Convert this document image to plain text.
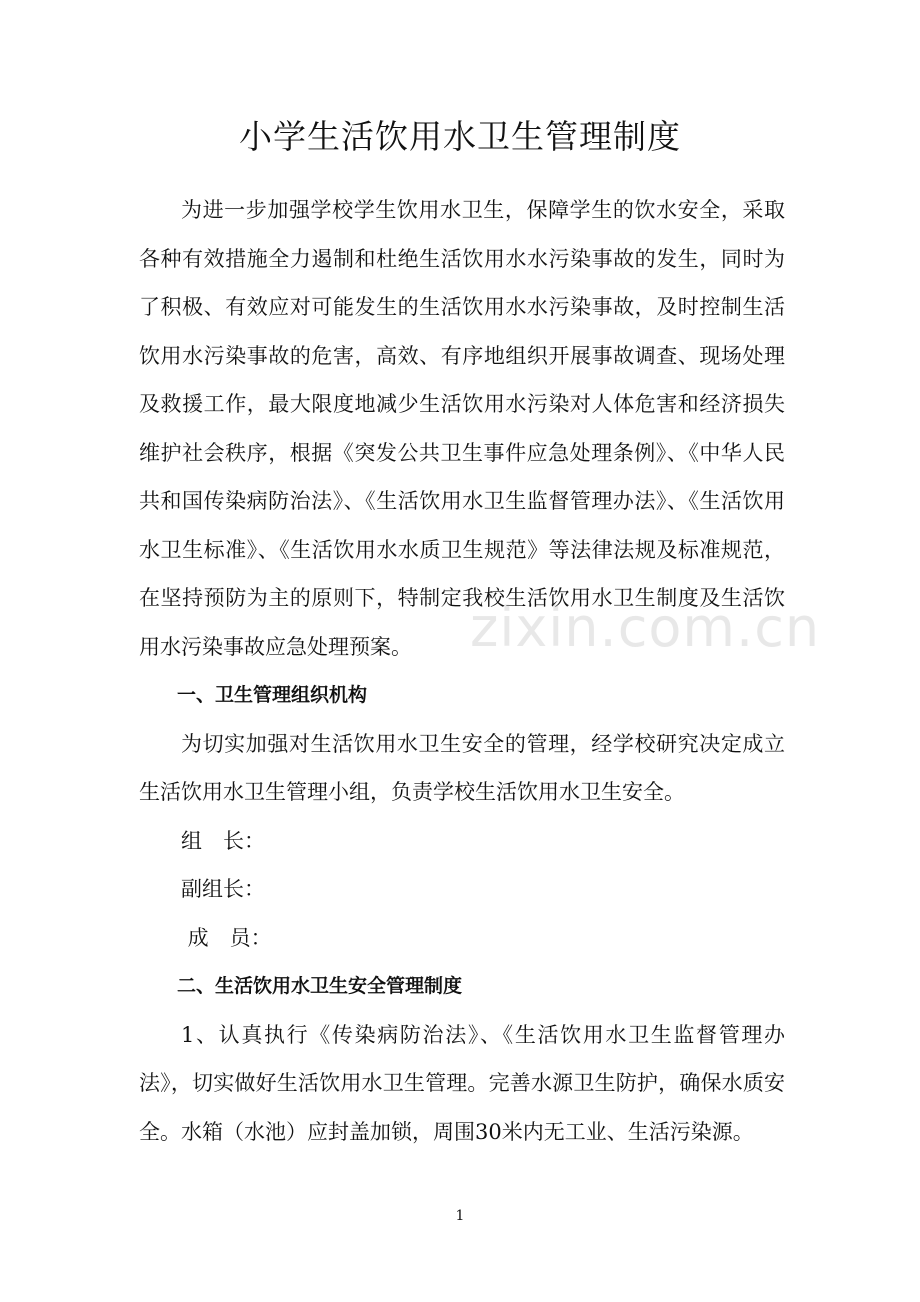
小学生活饮用水卫生管理制度

为进一步加强学校学生饮用水卫生，保障学生的饮水安全，采取各种有效措施全力遏制和杜绝生活饮用水水污染事故的发生，同时为了积极、有效应对可能发生的生活饮用水水污染事故，及时控制生活饮用水污染事故的危害，高效、有序地组织开展事故调查、现场处理及救援工作，最大限度地减少生活饮用水污染对人体危害和经济损失维护社会秩序，根据《突发公共卫生事件应急处理条例》、《中华人民共和国传染病防治法》、《生活饮用水卫生监督管理办法》、《生活饮用水卫生标准》、《生活饮用水水质卫生规范》等法律法规及标准规范，在坚持预防为主的原则下，特制定我校生活饮用水卫生制度及生活饮用水污染事故应急处理预案。

一、卫生管理组织机构

为切实加强对生活饮用水卫生安全的管理，经学校研究决定成立生活饮用水卫生管理小组，负责学校生活饮用水卫生安全。

组　长：

副组长：

成　员：

二、生活饮用水卫生安全管理制度

1、认真执行《传染病防治法》、《生活饮用水卫生监督管理办法》，切实做好生活饮用水卫生管理。完善水源卫生防护，确保水质安全。水箱（水池）应封盖加锁，周围30米内无工业、生活污染源。

zixin.com.cn
1
